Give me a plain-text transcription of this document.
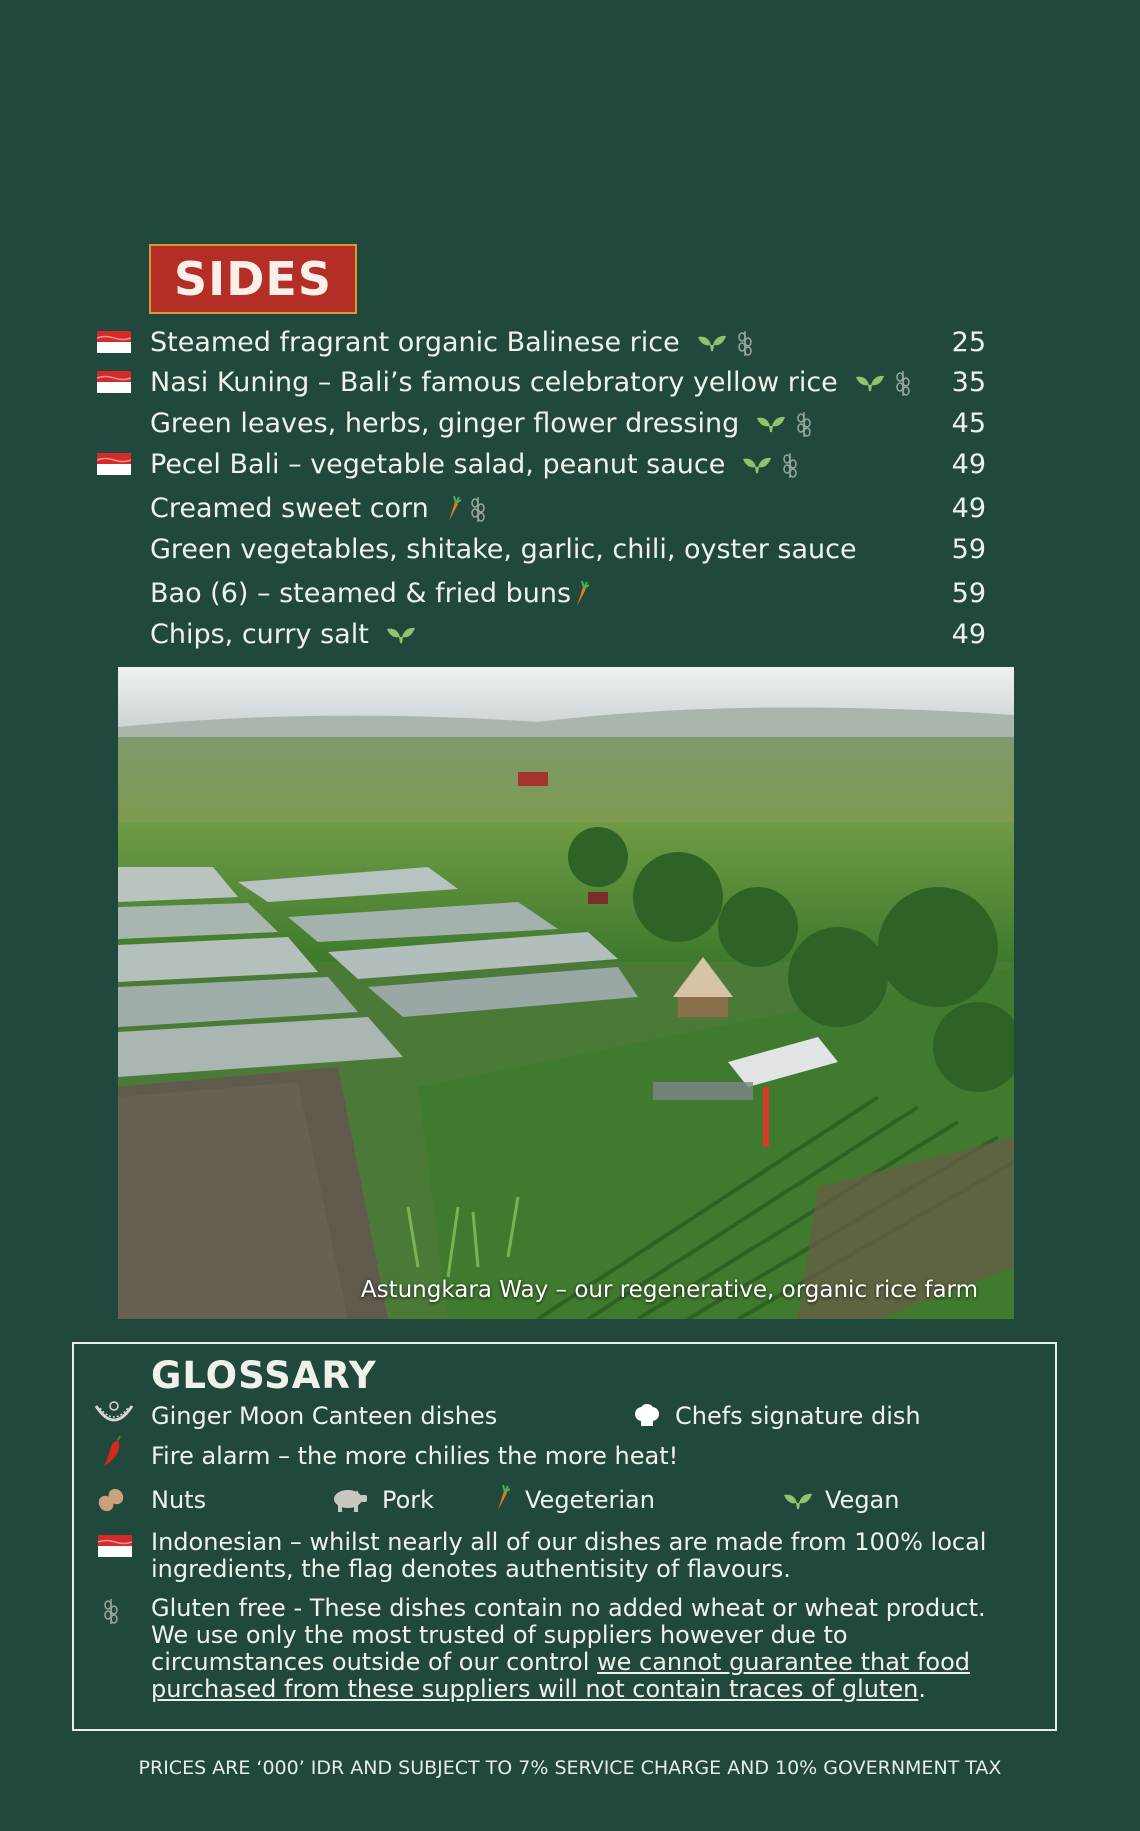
SIDES
Steamed fragrant organic Balinese rice	25
Nasi Kuning – Bali’s famous celebratory yellow rice	35
Green leaves, herbs, ginger flower dressing	45
Pecel Bali – vegetable salad, peanut sauce	49
Creamed sweet corn	49
Green vegetables, shitake, garlic, chili, oyster sauce	59
Bao (6) – steamed & fried buns	59
Chips, curry salt	49
Astungkara Way – our regenerative, organic rice farm
GLOSSARY
Ginger Moon Canteen dishes	Chefs signature dish
Fire alarm – the more chilies the more heat!
Nuts	Pork	Vegeterian	Vegan
Indonesian – whilst nearly all of our dishes are made from 100% local ingredients, the flag denotes authentisity of flavours.
Gluten free - These dishes contain no added wheat or wheat product. We use only the most trusted of suppliers however due to circumstances outside of our control we cannot guarantee that food purchased from these suppliers will not contain traces of gluten.
PRICES ARE ‘000’ IDR AND SUBJECT TO 7% SERVICE CHARGE AND 10% GOVERNMENT TAX
